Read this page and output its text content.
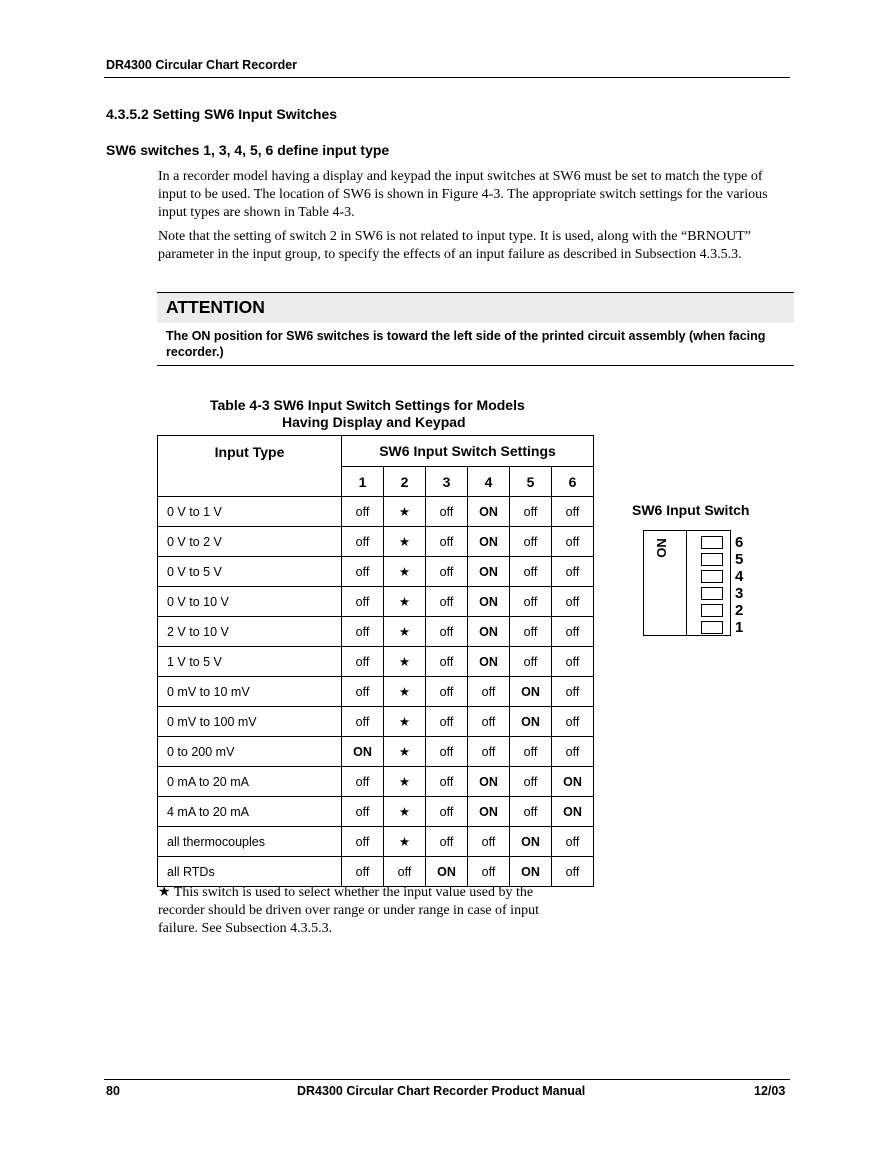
DR4300 Circular Chart Recorder
4.3.5.2 Setting SW6 Input Switches
SW6 switches 1, 3, 4, 5, 6 define input type

In a recorder model having a display and keypad the input switches at SW6 must be set to match the type of input to be used. The location of SW6 is shown in Figure 4-3. The appropriate switch settings for the various input types are shown in Table 4-3.

Note that the setting of switch 2 in SW6 is not related to input type. It is used, along with the “BRNOUT” parameter in the input group, to specify the effects of an input failure as described in Subsection 4.3.5.3.

ATTENTION

The ON position for SW6 switches is toward the left side of the printed circuit assembly (when facing recorder.)

Table 4-3 SW6 Input Switch Settings for Models
Having Display and Keypad
Input Type	SW6 Input Switch Settings					
	1	2	3	4	5	6
0 V to 1 V	off	★	off	ON	off	off
0 V to 2 V	off	★	off	ON	off	off
0 V to 5 V	off	★	off	ON	off	off
0 V to 10 V	off	★	off	ON	off	off
2 V to 10 V	off	★	off	ON	off	off
1 V to 5 V	off	★	off	ON	off	off
0 mV to 10 mV	off	★	off	off	ON	off
0 mV to 100 mV	off	★	off	off	ON	off
0 to 200 mV	ON	★	off	off	off	off
0 mA to 20 mA	off	★	off	ON	off	ON
4 mA to 20 mA	off	★	off	ON	off	ON
all thermocouples	off	★	off	off	ON	off
all RTDs	off	off	ON	off	ON	off

★ This switch is used to select whether the input value used by the recorder should be driven over range or under range in case of input failure. See Subsection 4.3.5.3.

SW6 Input Switch
ON	6
5
4
3
2
1
80	DR4300 Circular Chart Recorder Product Manual	12/03
